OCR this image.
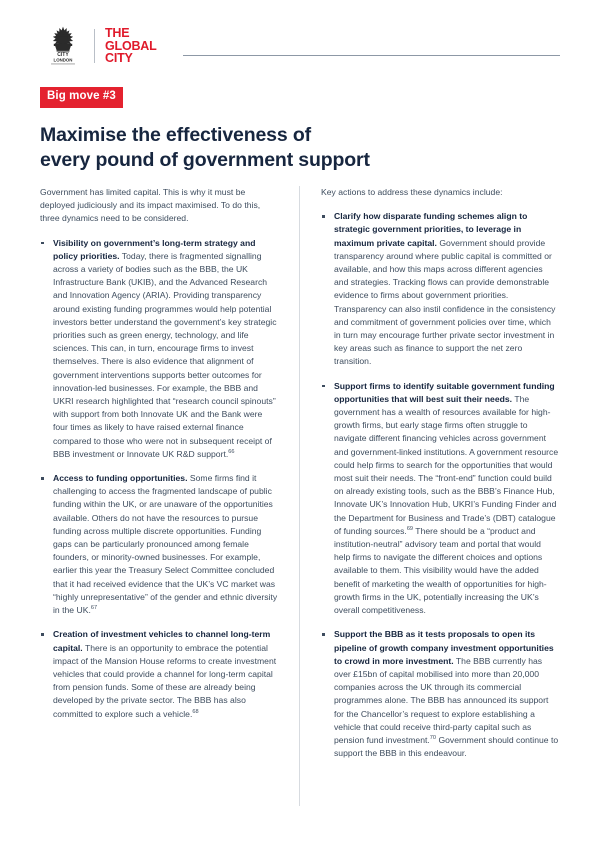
CITY
LONDON
THE
GLOBAL
CITY
Big move #3
Maximise the effectiveness of
every pound of government support

Government has limited capital. This is why it must be deployed judiciously and its impact maximised. To do this, three dynamics need to be considered.

Visibility on government’s long-term strategy and policy priorities. Today, there is fragmented signalling across a variety of bodies such as the BBB, the UK Infrastructure Bank (UKIB), and the Advanced Research and Innovation Agency (ARIA). Providing transparency around existing funding programmes would help potential investors better understand the government’s key strategic priorities such as green energy, technology, and life sciences. This can, in turn, encourage firms to invest themselves. There is also evidence that alignment of government interventions supports better outcomes for innovation-led businesses. For example, the BBB and UKRI research highlighted that “research council spinouts” with support from both Innovate UK and the Bank were four times as likely to have raised external finance compared to those who were not in subsequent receipt of BBB investment or Innovate UK R&D support.$^{66}$
Access to funding opportunities. Some firms find it challenging to access the fragmented landscape of public funding within the UK, or are unaware of the opportunities available. Others do not have the resources to pursue funding across multiple discrete opportunities. Funding gaps can be particularly pronounced among female founders, or minority-owned businesses. For example, earlier this year the Treasury Select Committee concluded that it had received evidence that the UK’s VC market was “highly unrepresentative” of the gender and ethnic diversity in the UK.$^{67}$
Creation of investment vehicles to channel long-term capital. There is an opportunity to embrace the potential impact of the Mansion House reforms to create investment vehicles that could provide a channel for long-term capital from pension funds. Some of these are already being developed by the private sector. The BBB has also committed to explore such a vehicle.$^{68}$

Key actions to address these dynamics include:

Clarify how disparate funding schemes align to strategic government priorities, to leverage in maximum private capital. Government should provide transparency around where public capital is committed or available, and how this maps across different agencies and strategies. Tracking flows can provide demonstrable evidence to firms about government priorities. Transparency can also instil confidence in the consistency and commitment of government policies over time, which in turn may encourage further private sector investment in key areas such as finance to support the net zero transition.
Support firms to identify suitable government funding opportunities that will best suit their needs. The government has a wealth of resources available for high-growth firms, but early stage firms often struggle to navigate different financing vehicles across government and government-linked institutions. A government resource could help firms to search for the opportunities that would most suit their needs. The “front-end” function could build on already existing tools, such as the BBB’s Finance Hub, Innovate UK’s Innovation Hub, UKRI’s Funding Finder and the Department for Business and Trade’s (DBT) catalogue of funding sources.$^{69}$ There should be a “product and institution-neutral” advisory team and portal that would help firms to navigate the different choices and options available to them. This visibility would have the added benefit of marketing the wealth of opportunities for high-growth firms in the UK, potentially increasing the UK’s overall competitiveness.
Support the BBB as it tests proposals to open its pipeline of growth company investment opportunities to crowd in more investment. The BBB currently has over £15bn of capital mobilised into more than 20,000 companies across the UK through its commercial programmes alone. The BBB has announced its support for the Chancellor’s request to explore establishing a vehicle that could receive third-party capital such as pension fund investment.$^{70}$ Government should continue to support the BBB in this endeavour.
